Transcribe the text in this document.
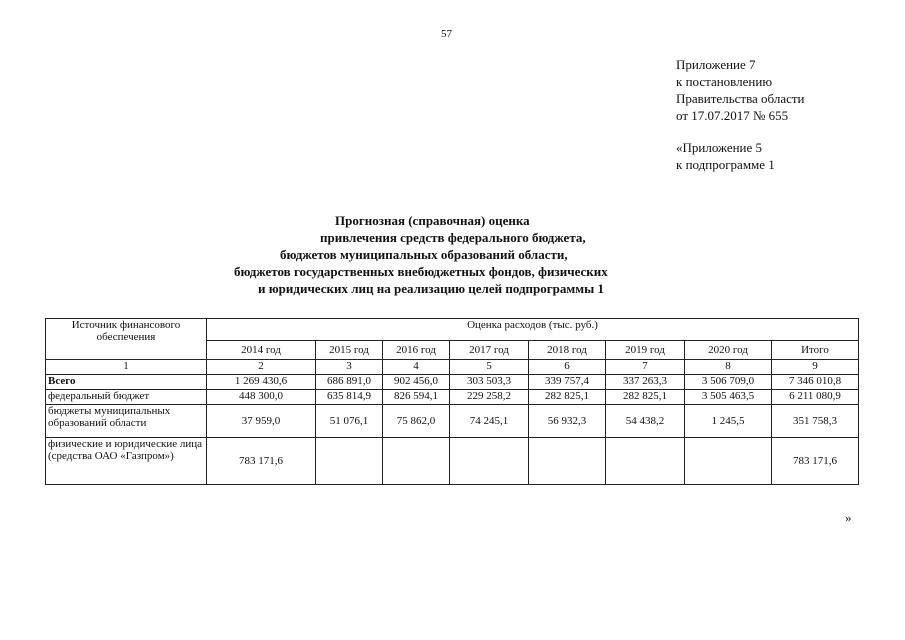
57
Приложение 7
к постановлению
Правительства области
от 17.07.2017 № 655
«Приложение 5
к подпрограмме 1
Прогнозная (справочная) оценка
привлечения средств федерального бюджета,
бюджетов муниципальных образований области,
бюджетов государственных внебюджетных фондов, физических
и юридических лиц на реализацию целей подпрограммы 1
Источник финансового обеспечения	Оценка расходов (тыс. руб.)							
	2014 год	2015 год	2016 год	2017 год	2018 год	2019 год	2020 год	Итого
1	2	3	4	5	6	7	8	9
Всего	1 269 430,6	686 891,0	902 456,0	303 503,3	339 757,4	337 263,3	3 506 709,0	7 346 010,8
федеральный бюджет	448 300,0	635 814,9	826 594,1	229 258,2	282 825,1	282 825,1	3 505 463,5	6 211 080,9
бюджеты муниципальных образований области	37 959,0	51 076,1	75 862,0	74 245,1	56 932,3	54 438,2	1 245,5	351 758,3
физические и юридические лица (средства ОАО «Газпром»)	783 171,6							783 171,6
»
